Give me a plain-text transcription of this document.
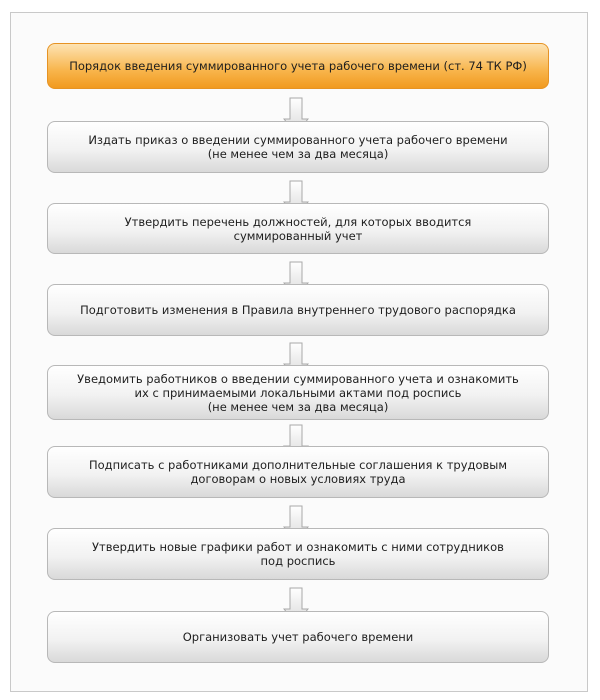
Порядок введения суммированного учета рабочего времени (ст. 74 ТК РФ)
Издать приказ о введении суммированного учета рабочего времени
(не менее чем за два месяца)
Утвердить перечень должностей, для которых вводится
суммированный учет
Подготовить изменения в Правила внутреннего трудового распорядка
Уведомить работников о введении суммированного учета и ознакомить
их с принимаемыми локальными актами под роспись
(не менее чем за два месяца)
Подписать с работниками дополнительные соглашения к трудовым
договорам о новых условиях труда
Утвердить новые графики работ и ознакомить с ними сотрудников
под роспись
Организовать учет рабочего времени
